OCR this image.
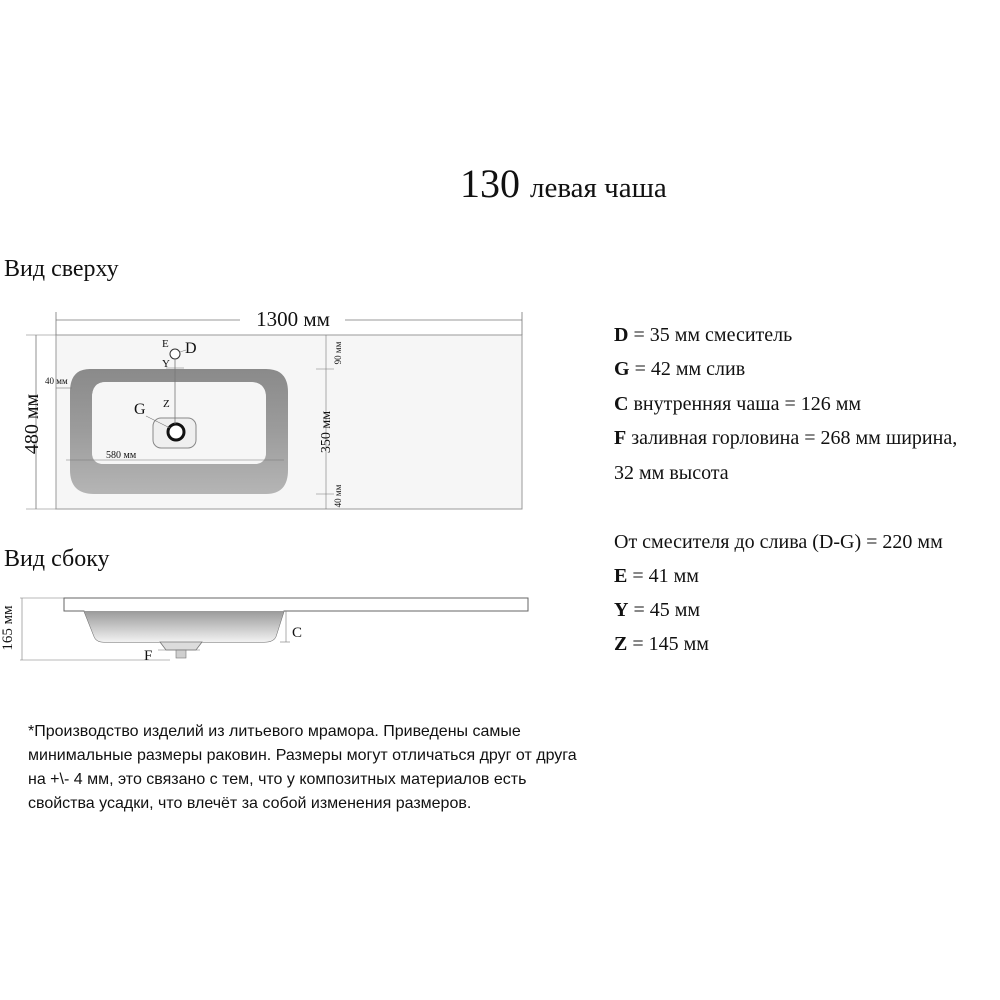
130 левая чаша
Вид сверху
1300 мм
480 мм
E D
Y
Z
G
40 мм
580 мм
90 мм
350 мм
40 мм
165 мм	C
F
Вид сбоку
D = 35 мм смеситель
G = 42 мм слив
C внутренняя чаша = 126 мм
F заливная горловина = 268 мм ширина,
32 мм высота
От смесителя до слива (D-G) = 220 мм
E = 41 мм
Y = 45 мм
Z = 145 мм
*Производство изделий из литьевого мрамора. Приведены самые минимальные размеры раковин. Размеры могут отличаться друг от друга на +\- 4 мм, это связано с тем, что у композитных материалов есть свойства усадки, что влечёт за собой изменения размеров.
